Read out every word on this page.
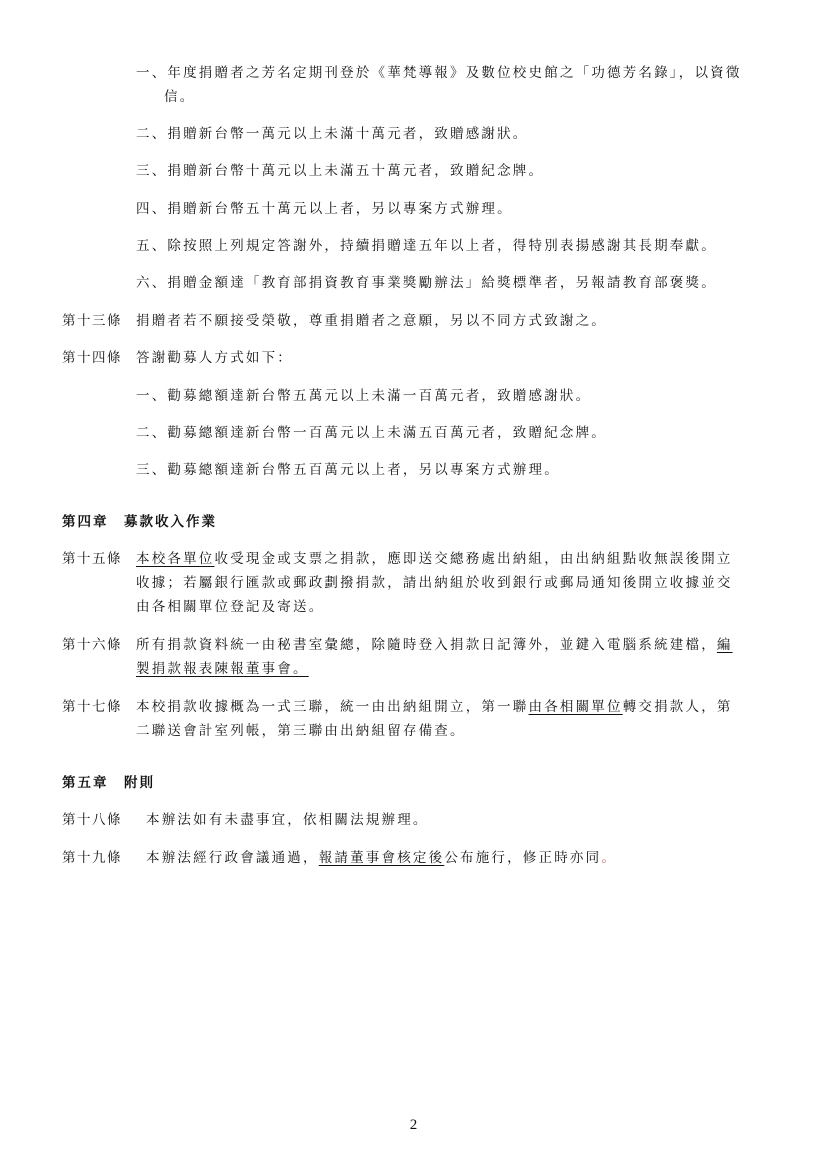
一、年度捐贈者之芳名定期刊登於《華梵導報》及數位校史館之「功德芳名錄」，以資徵
信。
二、捐贈新台幣一萬元以上未滿十萬元者，致贈感謝狀。
三、捐贈新台幣十萬元以上未滿五十萬元者，致贈紀念牌。
四、捐贈新台幣五十萬元以上者，另以專案方式辦理。
五、除按照上列規定答謝外，持續捐贈達五年以上者，得特別表揚感謝其長期奉獻。
六、捐贈金額達「教育部捐資教育事業獎勵辦法」給獎標準者，另報請教育部褒獎。
第十三條 捐贈者若不願接受榮敬，尊重捐贈者之意願，另以不同方式致謝之。
第十四條 答謝勸募人方式如下：
一、勸募總額達新台幣五萬元以上未滿一百萬元者，致贈感謝狀。
二、勸募總額達新台幣一百萬元以上未滿五百萬元者，致贈紀念牌。
三、勸募總額達新台幣五百萬元以上者，另以專案方式辦理。
第四章　募款收入作業
第十五條 本校各單位收受現金或支票之捐款，應即送交總務處出納組，由出納組點收無誤後開立
收據；若屬銀行匯款或郵政劃撥捐款，請出納組於收到銀行或郵局通知後開立收據並交
由各相關單位登記及寄送。
第十六條 所有捐款資料統一由秘書室彙總，除隨時登入捐款日記簿外，並鍵入電腦系統建檔，編
製捐款報表陳報董事會。
第十七條 本校捐款收據概為一式三聯，統一由出納組開立，第一聯由各相關單位轉交捐款人，第
二聯送會計室列帳，第三聯由出納組留存備查。
第五章　附則
第十八條 本辦法如有未盡事宜，依相關法規辦理。
第十九條 本辦法經行政會議通過，報請董事會核定後公布施行，修正時亦同。
2
